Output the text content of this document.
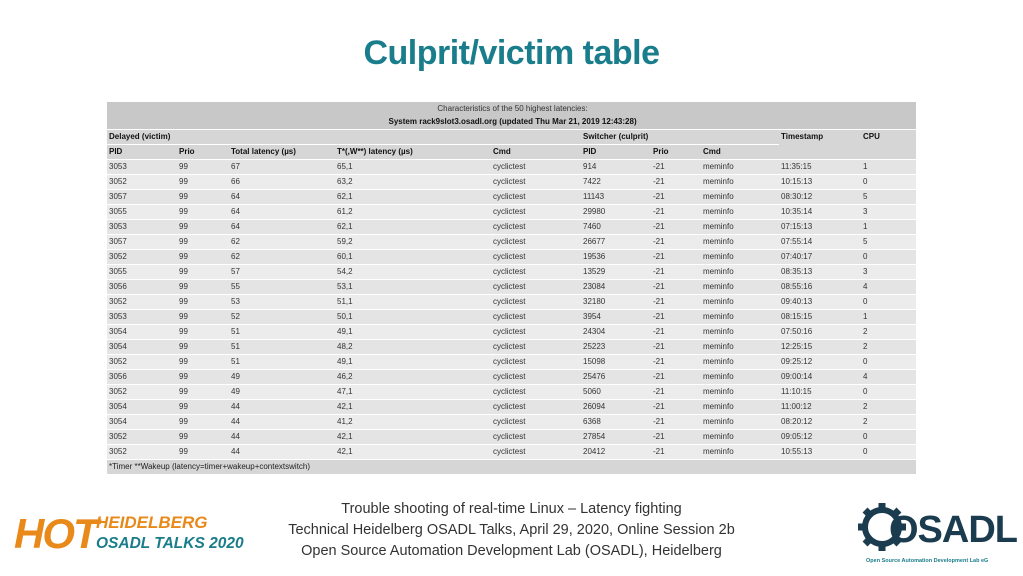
Culprit/victim table
Characteristics of the 50 highest latencies:									
System rack9slot3.osadl.org (updated Thu Mar 21, 2019 12:43:28)									
Delayed (victim)					Switcher (culprit)			Timestamp	CPU
PID	Prio	Total latency (µs)	T*(,W**) latency (µs)	Cmd	PID	Prio	Cmd		
3053	99	67	65,1	cyclictest	914	-21	meminfo	11:35:15	1
3052	99	66	63,2	cyclictest	7422	-21	meminfo	10:15:13	0
3057	99	64	62,1	cyclictest	11143	-21	meminfo	08:30:12	5
3055	99	64	61,2	cyclictest	29980	-21	meminfo	10:35:14	3
3053	99	64	62,1	cyclictest	7460	-21	meminfo	07:15:13	1
3057	99	62	59,2	cyclictest	26677	-21	meminfo	07:55:14	5
3052	99	62	60,1	cyclictest	19536	-21	meminfo	07:40:17	0
3055	99	57	54,2	cyclictest	13529	-21	meminfo	08:35:13	3
3056	99	55	53,1	cyclictest	23084	-21	meminfo	08:55:16	4
3052	99	53	51,1	cyclictest	32180	-21	meminfo	09:40:13	0
3053	99	52	50,1	cyclictest	3954	-21	meminfo	08:15:15	1
3054	99	51	49,1	cyclictest	24304	-21	meminfo	07:50:16	2
3054	99	51	48,2	cyclictest	25223	-21	meminfo	12:25:15	2
3052	99	51	49,1	cyclictest	15098	-21	meminfo	09:25:12	0
3056	99	49	46,2	cyclictest	25476	-21	meminfo	09:00:14	4
3052	99	49	47,1	cyclictest	5060	-21	meminfo	11:10:15	0
3054	99	44	42,1	cyclictest	26094	-21	meminfo	11:00:12	2
3054	99	44	41,2	cyclictest	6368	-21	meminfo	08:20:12	2
3052	99	44	42,1	cyclictest	27854	-21	meminfo	09:05:12	0
3052	99	44	42,1	cyclictest	20412	-21	meminfo	10:55:13	0
*Timer **Wakeup (latency=timer+wakeup+contextswitch)									
Trouble shooting of real-time Linux – Latency fighting
Technical Heidelberg OSADL Talks, April 29, 2020, Online Session 2b
Open Source Automation Development Lab (OSADL), Heidelberg
HOT HEIDELBERG
OSADL TALKS 2020	OSADL
Open Source Automation Development Lab eG
